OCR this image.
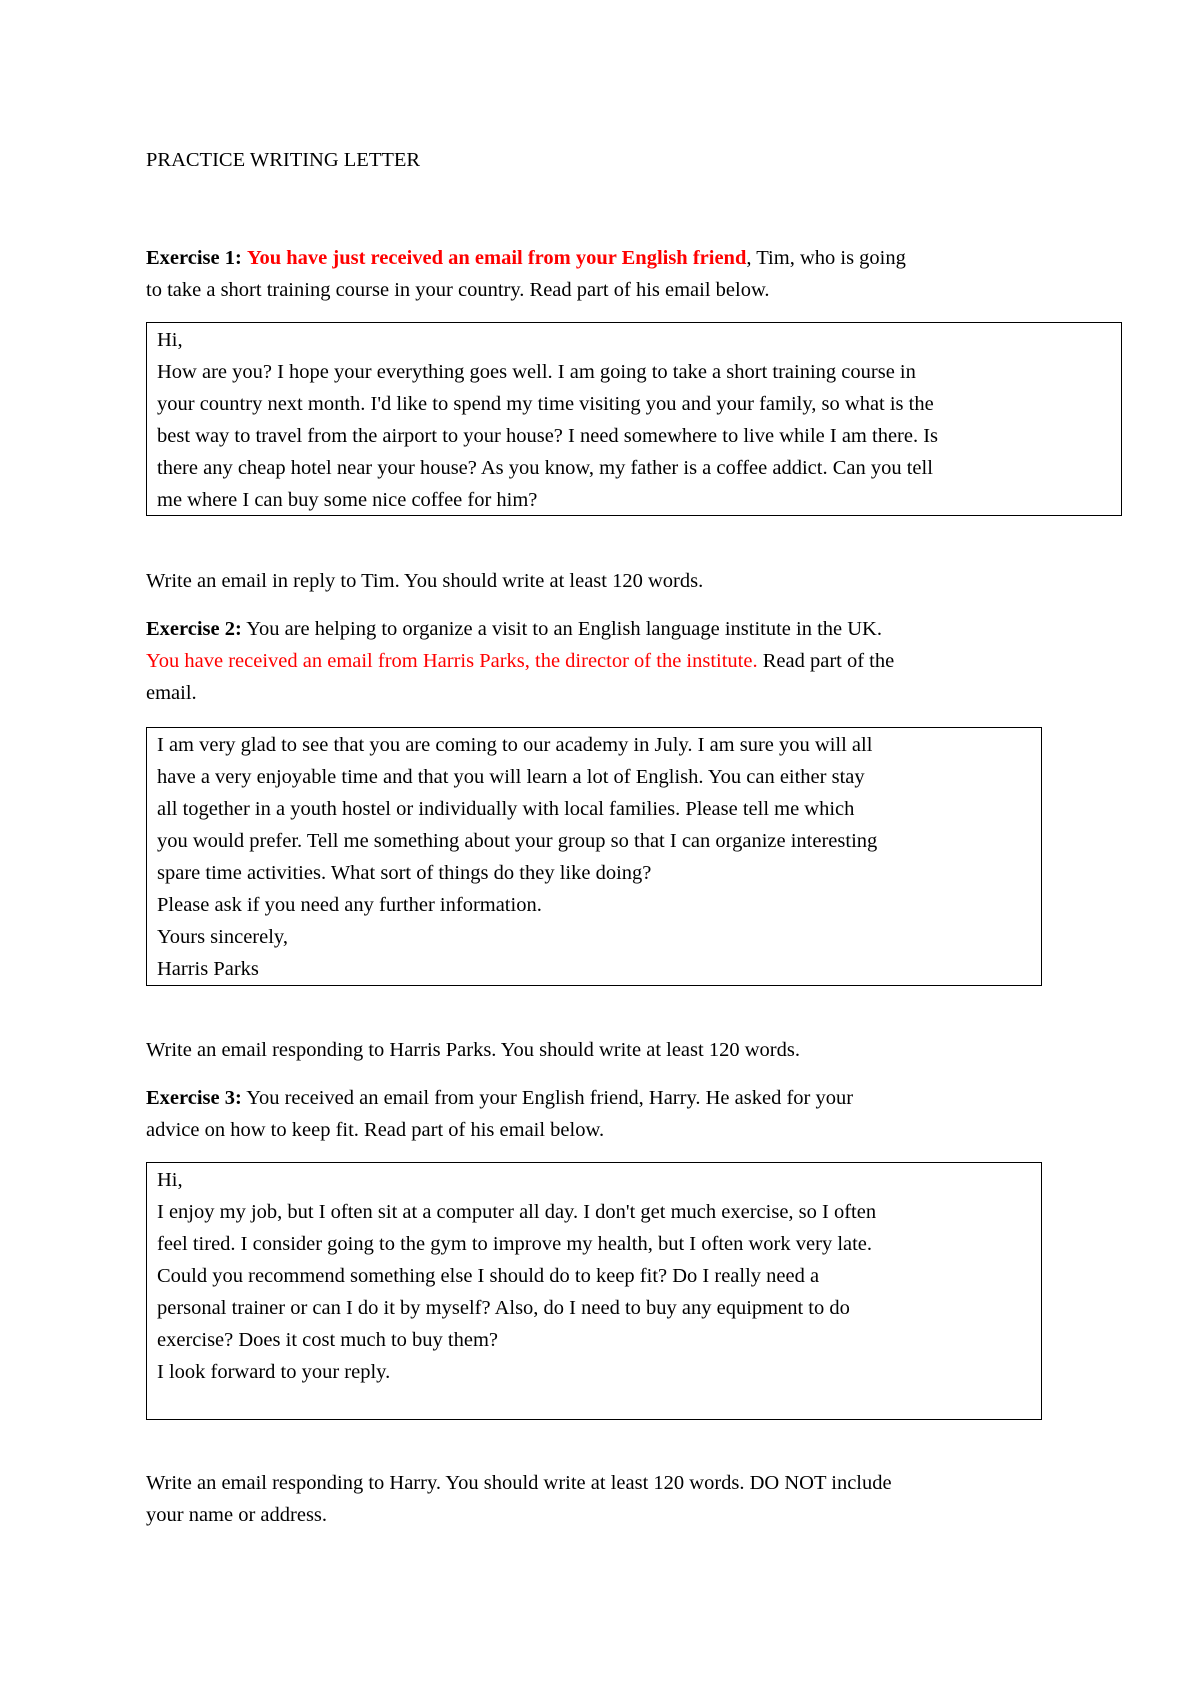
PRACTICE WRITING LETTER
Exercise 1: You have just received an email from your English friend, Tim, who is going
to take a short training course in your country. Read part of his email below.
Hi,
How are you? I hope your everything goes well. I am going to take a short training course in
your country next month. I'd like to spend my time visiting you and your family, so what is the
best way to travel from the airport to your house? I need somewhere to live while I am there. Is
there any cheap hotel near your house? As you know, my father is a coffee addict. Can you tell
me where I can buy some nice coffee for him?
Write an email in reply to Tim. You should write at least 120 words.
Exercise 2: You are helping to organize a visit to an English language institute in the UK.
You have received an email from Harris Parks, the director of the institute. Read part of the
email.
I am very glad to see that you are coming to our academy in July. I am sure you will all
have a very enjoyable time and that you will learn a lot of English. You can either stay
all together in a youth hostel or individually with local families. Please tell me which
you would prefer. Tell me something about your group so that I can organize interesting
spare time activities. What sort of things do they like doing?
Please ask if you need any further information.
Yours sincerely,
Harris Parks
Write an email responding to Harris Parks. You should write at least 120 words.
Exercise 3: You received an email from your English friend, Harry. He asked for your
advice on how to keep fit. Read part of his email below.
Hi,
I enjoy my job, but I often sit at a computer all day. I don't get much exercise, so I often
feel tired. I consider going to the gym to improve my health, but I often work very late.
Could you recommend something else I should do to keep fit? Do I really need a
personal trainer or can I do it by myself? Also, do I need to buy any equipment to do
exercise? Does it cost much to buy them?
I look forward to your reply.
Write an email responding to Harry. You should write at least 120 words. DO NOT include
your name or address.
